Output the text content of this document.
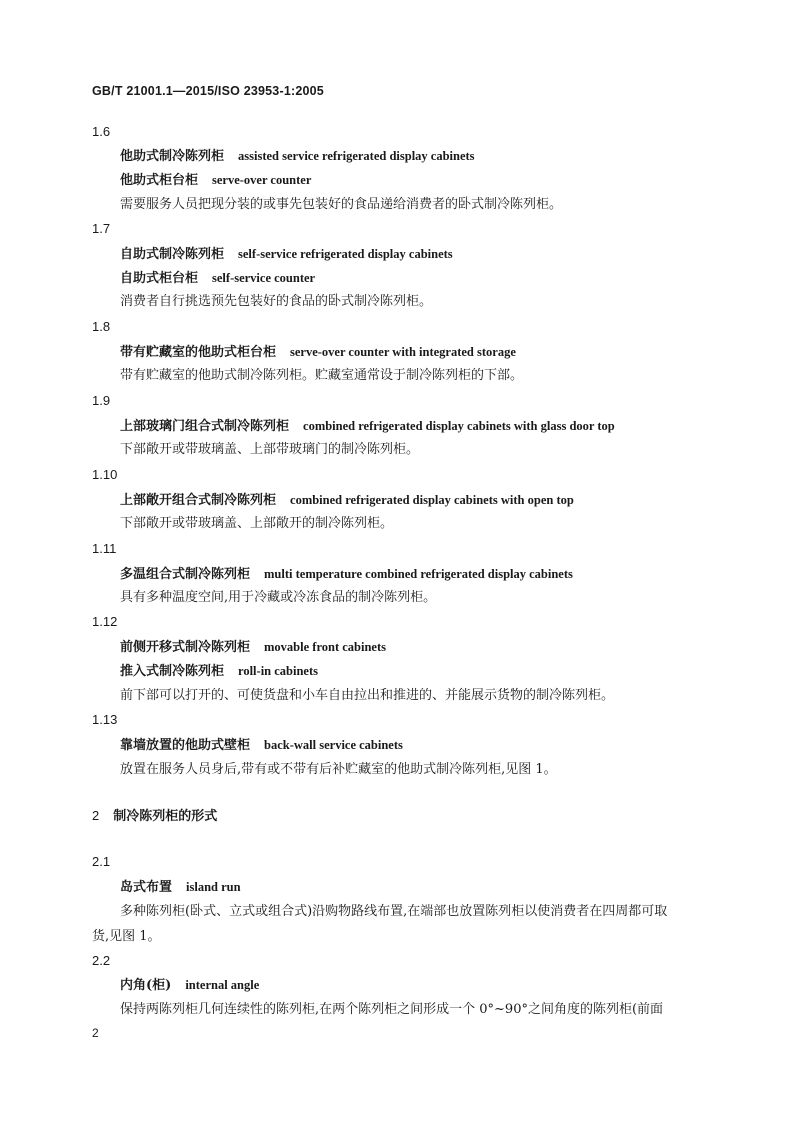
GB/T 21001.1—2015/ISO 23953-1:2005
1.6
他助式制冷陈列柜 assisted service refrigerated display cabinets
他助式柜台柜 serve-over counter
需要服务人员把现分装的或事先包装好的食品递给消费者的卧式制冷陈列柜。
1.7
自助式制冷陈列柜 self-service refrigerated display cabinets
自助式柜台柜 self-service counter
消费者自行挑选预先包装好的食品的卧式制冷陈列柜。
1.8
带有贮藏室的他助式柜台柜 serve-over counter with integrated storage
带有贮藏室的他助式制冷陈列柜。贮藏室通常设于制冷陈列柜的下部。
1.9
上部玻璃门组合式制冷陈列柜 combined refrigerated display cabinets with glass door top
下部敞开或带玻璃盖、上部带玻璃门的制冷陈列柜。
1.10
上部敞开组合式制冷陈列柜 combined refrigerated display cabinets with open top
下部敞开或带玻璃盖、上部敞开的制冷陈列柜。
1.11
多温组合式制冷陈列柜 multi temperature combined refrigerated display cabinets
具有多种温度空间,用于冷藏或冷冻食品的制冷陈列柜。
1.12
前侧开移式制冷陈列柜 movable front cabinets
推入式制冷陈列柜 roll-in cabinets
前下部可以打开的、可使货盘和小车自由拉出和推进的、并能展示货物的制冷陈列柜。
1.13
靠墙放置的他助式壁柜 back-wall service cabinets
放置在服务人员身后,带有或不带有后补贮藏室的他助式制冷陈列柜,见图 1。
2 制冷陈列柜的形式
2.1
岛式布置 island run
多种陈列柜(卧式、立式或组合式)沿购物路线布置,在端部也放置陈列柜以使消费者在四周都可取
货,见图 1。
2.2
内角(柜) internal angle
保持两陈列柜几何连续性的陈列柜,在两个陈列柜之间形成一个 0°~90°之间角度的陈列柜(前面
2
